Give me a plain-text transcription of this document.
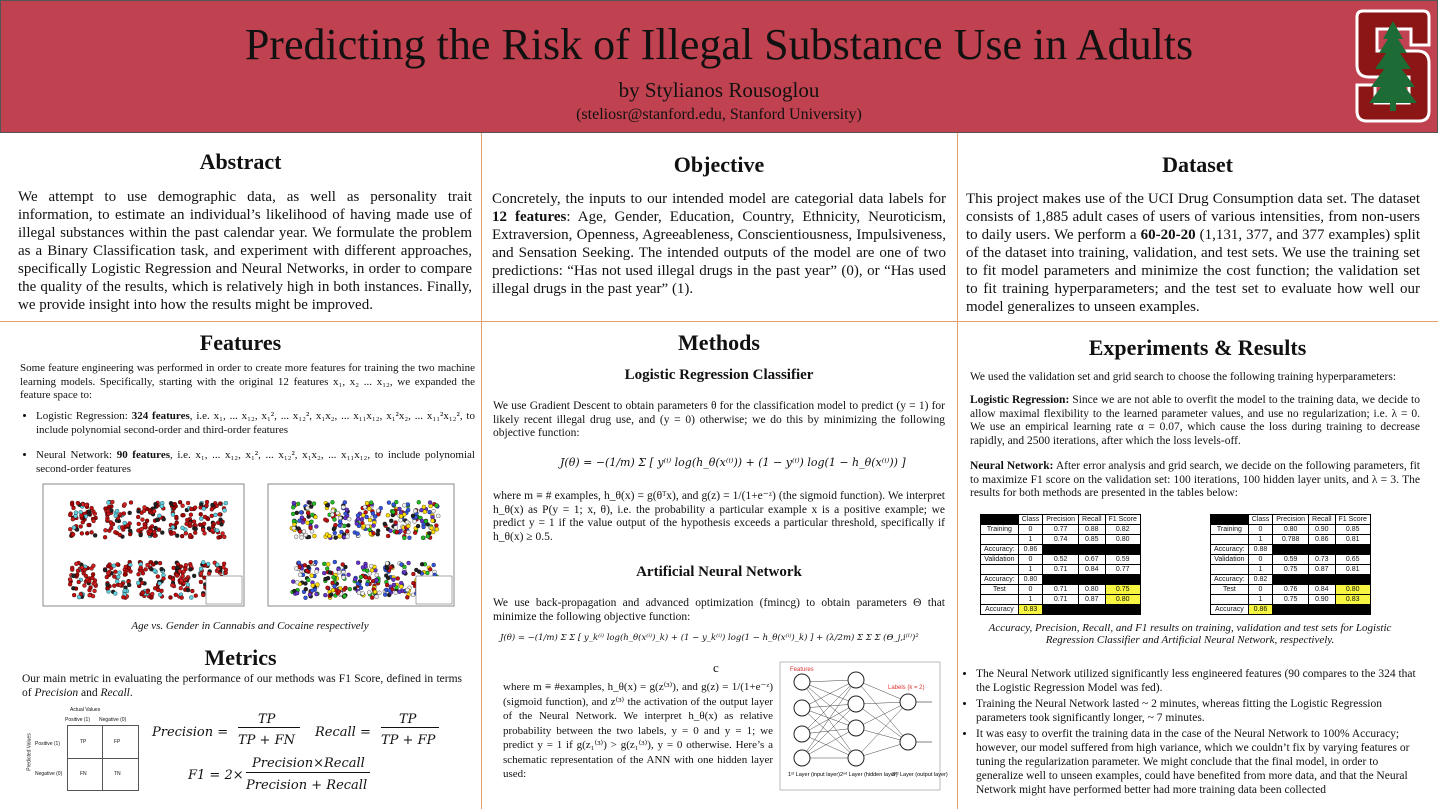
Predicting the Risk of Illegal Substance Use in Adults
by Stylianos Rousoglou
(steliosr@stanford.edu, Stanford University)
Abstract
We attempt to use demographic data, as well as personality trait information, to estimate an individual’s likelihood of having made use of illegal substances within the past calendar year. We formulate the problem as a Binary Classification task, and experiment with different approaches, specifically Logistic Regression and Neural Networks, in order to compare the quality of the results, which is relatively high in both instances. Finally, we provide insight into how the results might be improved.
Objective
Concretely, the inputs to our intended model are categorial data labels for 12 features: Age, Gender, Education, Country, Ethnicity, Neuroticism, Extraversion, Openness, Agreeableness, Conscientiousness, Impulsiveness, and Sensation Seeking. The intended outputs of the model are one of two predictions: “Has not used illegal drugs in the past year” (0), or “Has used illegal drugs in the past year” (1).
Dataset
This project makes use of the UCI Drug Consumption data set. The dataset consists of 1,885 adult cases of users of various intensities, from non-users to daily users. We perform a 60-20-20 (1,131, 377, and 377 examples) split of the dataset into training, validation, and test sets. We use the training set to fit model parameters and minimize the cost function; the validation set to fit training hyperparameters; and the test set to evaluate how well our model generalizes to unseen examples.
Features
Some feature engineering was performed in order to create more features for training the two machine learning models. Specifically, starting with the original 12 features x₁, x₂ ... x₁₂, we expanded the feature space to:
• Logistic Regression: 324 features, i.e. x₁, ... x₁₂, x₁², ... x₁₂², x₁x₂, ... x₁₁x₁₂, x₁²x₂, ... x₁₁²x₁₂², to include polynomial second-order and third-order features
• Neural Network: 90 features, i.e. x₁, ... x₁₂, x₁², ... x₁₂², x₁x₂, ... x₁₁x₁₂, to include polynomial second-order features
Age vs. Gender in Cannabis and Cocaine respectively
Metrics
Our main metric in evaluating the performance of our methods was F1 Score, defined in terms of Precision and Recall.
Actual Values
Positive (1) Negative (0)
Predicted Values Positive (1)
Negative (0)
TP	FP
FN	TN
Precision =
TP
TP + FN
Recall =
TP
TP + FP
F1 = 2×
Precision×Recall
Precision + Recall
Methods
Logistic Regression Classifier
We use Gradient Descent to obtain parameters θ for the classification model to predict (y = 1) for likely recent illegal drug use, and (y = 0) otherwise; we do this by minimizing the following objective function:
J(θ) = −(1/m) Σ [ y⁽ⁱ⁾ log(h_θ(x⁽ⁱ⁾)) + (1 − y⁽ⁱ⁾) log(1 − h_θ(x⁽ⁱ⁾)) ]
where m ≡ # examples, h_θ(x) = g(θᵀx), and g(z) = 1/(1+e⁻ᶻ) (the sigmoid function). We interpret h_θ(x) as P(y = 1; x, θ), i.e. the probability a particular example x is a positive example; we predict y = 1 if the value output of the hypothesis exceeds a particular threshold, specifically if h_θ(x) ≥ 0.5.
Artificial Neural Network
We use back-propagation and advanced optimization (fmincg) to obtain parameters Θ that minimize the following objective function:
J(θ) = −(1/m) Σ Σ [ y_k⁽ⁱ⁾ log(h_θ(x⁽ⁱ⁾)_k) + (1 − y_k⁽ⁱ⁾) log(1 − h_θ(x⁽ⁱ⁾)_k) ] + (λ/2m) Σ Σ Σ (Θ_j,i⁽ˡ⁾)²
c
where m ≡ #examples, h_θ(x) = g(z⁽³⁾), and g(z) = 1/(1+e⁻ᶻ) (sigmoid function), and z⁽³⁾ the activation of the output layer of the Neural Network. We interpret h_θ(x) as relative probability between the two labels, y = 0 and y = 1; we predict y = 1 if g(z₁⁽³⁾) > g(z₁⁽³⁾), y = 0 otherwise. Here’s a schematic representation of the ANN with one hidden layer used:
Features
Labels (k = 2)
1ˢᵗ Layer (input layer) 2ⁿᵈ Layer (hidden layer)
3ʳᵈ Layer (output layer)
Experiments & Results
We used the validation set and grid search to choose the following training hyperparameters:
Logistic Regression: Since we are not able to overfit the model to the training data, we decide to allow maximal flexibility to the learned parameter values, and use no regularization; i.e. λ = 0. We use an empirical learning rate α = 0.07, which cause the loss during training to decrease rapidly, and 2500 iterations, after which the loss levels-off.
Neural Network: After error analysis and grid search, we decide on the following parameters, fit to maximize F1 score on the validation set: 100 iterations, 100 hidden layer units, and λ = 3. The results for both methods are presented in the tables below:
	Class	Precision	Recall	F1 Score
Training	0	0.77	0.88	0.82
	1	0.74	0.85	0.80
Accuracy:	0.86			
Validation	0	0.52	0.67	0.59
	1	0.71	0.84	0.77
Accuracy:	0.80			
Test	0	0.71	0.80	0.75
	1	0.71	0.87	0.80
Accuracy	0.83			
	Class	Precision	Recall	F1 Score
Training	0	0.80	0.90	0.85
	1	0.788	0.86	0.81
Accuracy:	0.88			
Validation	0	0.59	0.73	0.65
	1	0.75	0.87	0.81
Accuracy:	0.82			
Test	0	0.76	0.84	0.80
	1	0.75	0.90	0.83
Accuracy	0.86			
Accuracy, Precision, Recall, and F1 results on training, validation and test sets for Logistic Regression Classifier and Artificial Neural Network, respectively.
• The Neural Network utilized significantly less engineered features (90 compares to the 324 that the Logistic Regression Model was fed).
• Training the Neural Network lasted ~ 2 minutes, whereas fitting the Logistic Regression parameters took significantly longer, ~ 7 minutes.
• It was easy to overfit the training data in the case of the Neural Network to 100% Accuracy; however, our model suffered from high variance, which we couldn’t fix by varying features or tuning the regularization parameter. We might conclude that the final model, in order to generalize well to unseen examples, could have benefited from more data, and that the Neural Network might have performed better had more training data been collected
